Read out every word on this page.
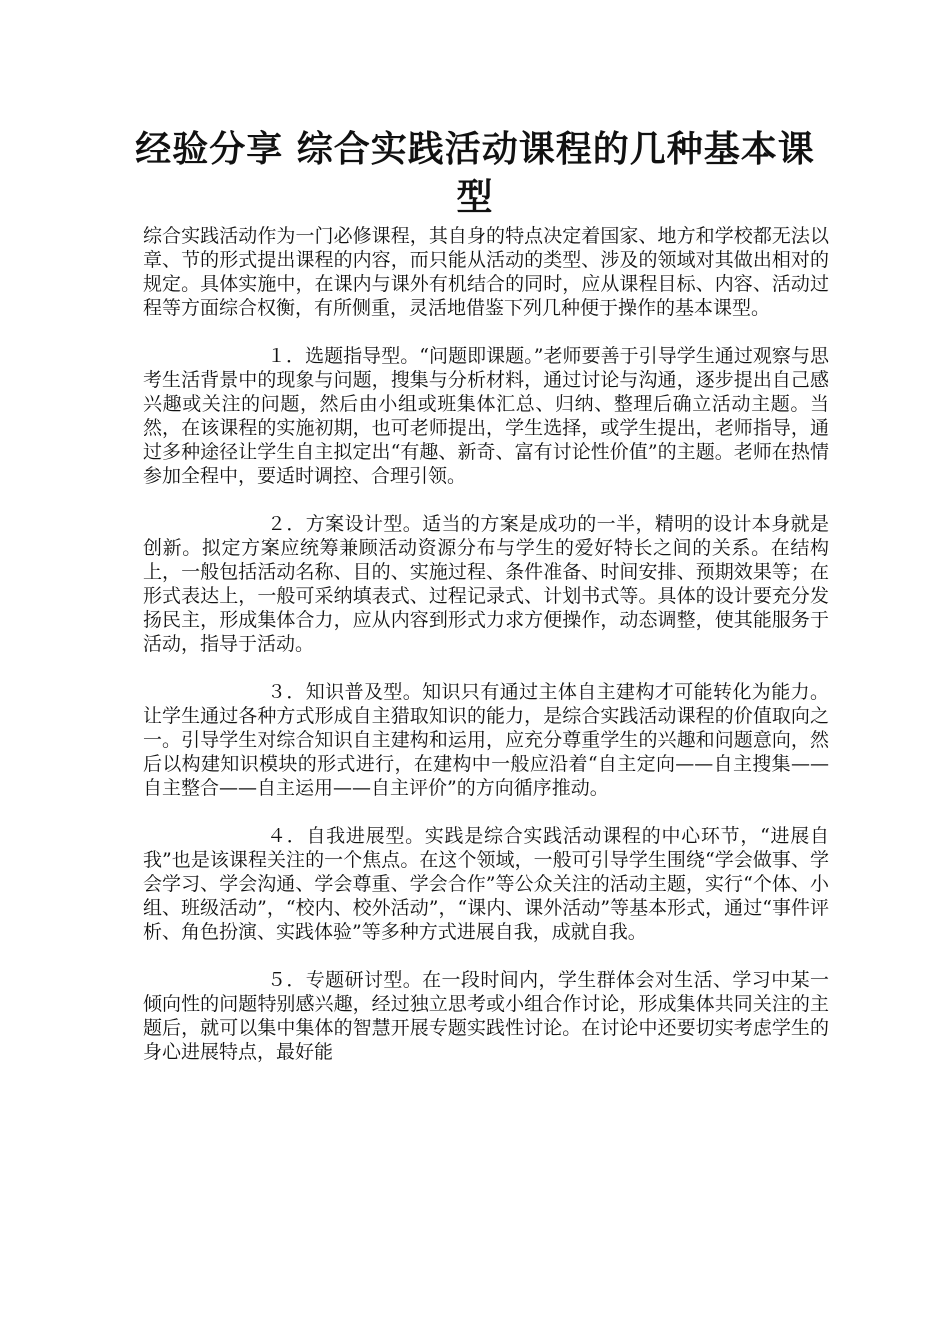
经验分享 综合实践活动课程的几种基本课型

综合实践活动作为一门必修课程，其自身的特点决定着国家、地方和学校都无法以章、节的形式提出课程的内容，而只能从活动的类型、涉及的领域对其做出相对的规定。具体实施中，在课内与课外有机结合的同时，应从课程目标、内容、活动过程等方面综合权衡，有所侧重，灵活地借鉴下列几种便于操作的基本课型。

１．选题指导型。“问题即课题。”老师要善于引导学生通过观察与思考生活背景中的现象与问题，搜集与分析材料，通过讨论与沟通，逐步提出自己感兴趣或关注的问题，然后由小组或班集体汇总、归纳、整理后确立活动主题。当然，在该课程的实施初期，也可老师提出，学生选择，或学生提出，老师指导，通过多种途径让学生自主拟定出“有趣、新奇、富有讨论性价值”的主题。老师在热情参加全程中，要适时调控、合理引领。

２．方案设计型。适当的方案是成功的一半，精明的设计本身就是创新。拟定方案应统筹兼顾活动资源分布与学生的爱好特长之间的关系。在结构上，一般包括活动名称、目的、实施过程、条件准备、时间安排、预期效果等；在形式表达上，一般可采纳填表式、过程记录式、计划书式等。具体的设计要充分发扬民主，形成集体合力，应从内容到形式力求方便操作，动态调整，使其能服务于活动，指导于活动。

３．知识普及型。知识只有通过主体自主建构才可能转化为能力。让学生通过各种方式形成自主猎取知识的能力，是综合实践活动课程的价值取向之一。引导学生对综合知识自主建构和运用，应充分尊重学生的兴趣和问题意向，然后以构建知识模块的形式进行，在建构中一般应沿着“自主定向——自主搜集——自主整合——自主运用——自主评价”的方向循序推动。

４．自我进展型。实践是综合实践活动课程的中心环节，“进展自我”也是该课程关注的一个焦点。在这个领域，一般可引导学生围绕“学会做事、学会学习、学会沟通、学会尊重、学会合作”等公众关注的活动主题，实行“个体、小组、班级活动”，“校内、校外活动”，“课内、课外活动”等基本形式，通过“事件评析、角色扮演、实践体验”等多种方式进展自我，成就自我。

５．专题研讨型。在一段时间内，学生群体会对生活、学习中某一倾向性的问题特别感兴趣，经过独立思考或小组合作讨论，形成集体共同关注的主题后，就可以集中集体的智慧开展专题实践性讨论。在讨论中还要切实考虑学生的身心进展特点，最好能
